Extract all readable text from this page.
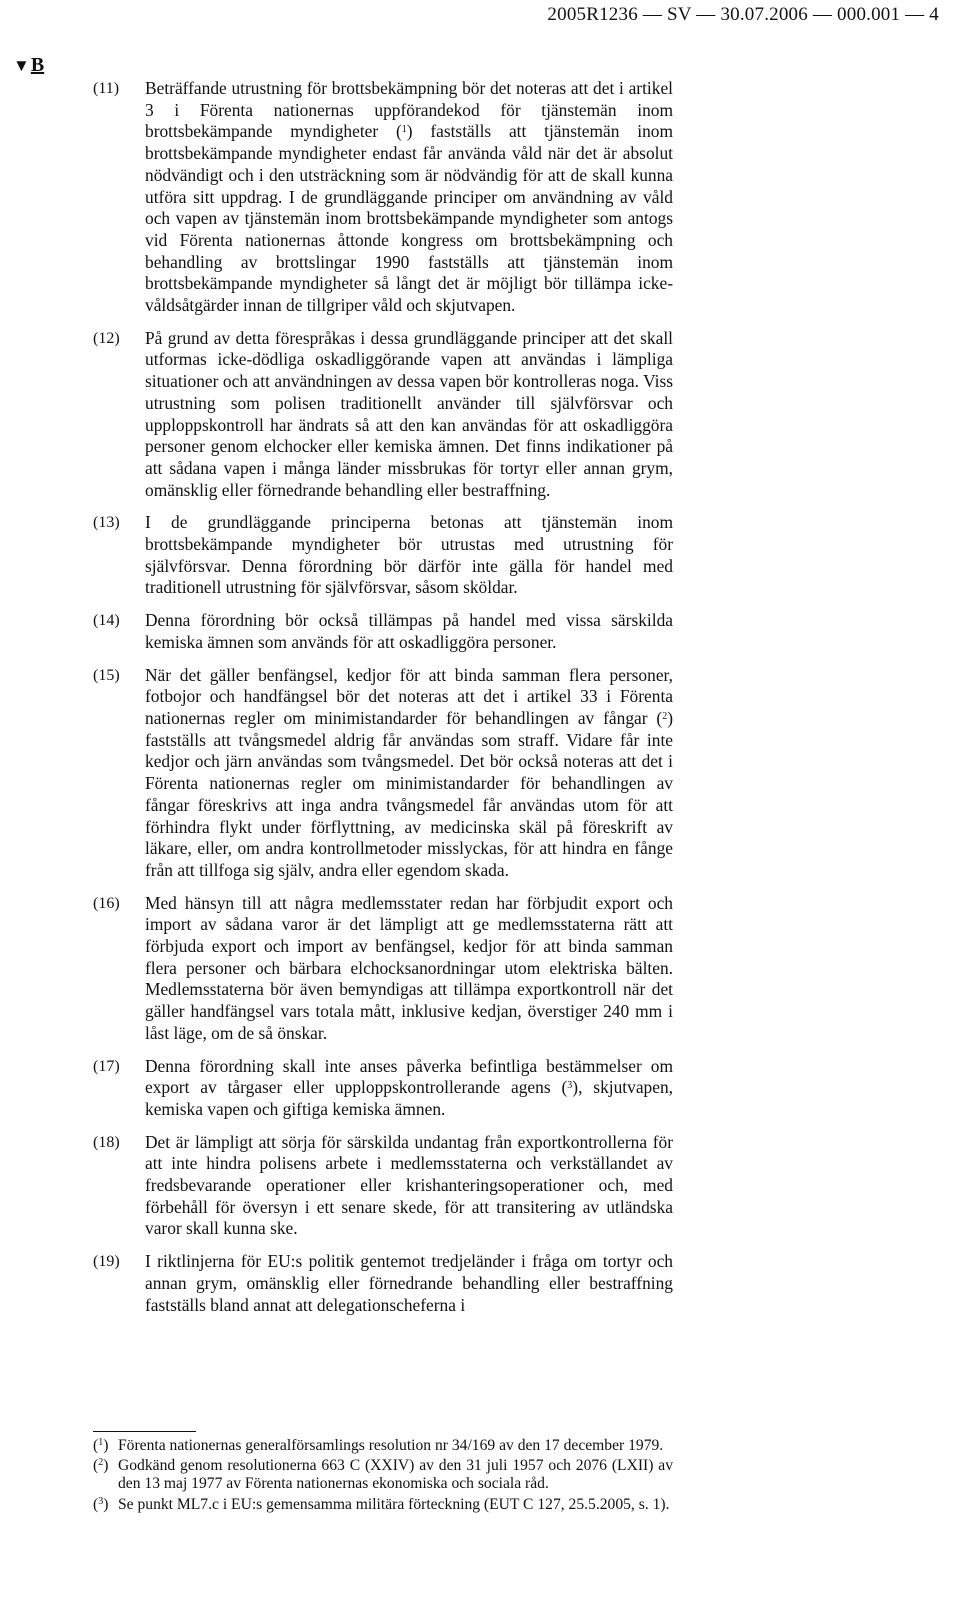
2005R1236 — SV — 30.07.2006 — 000.001 — 4
▼B
(11)	Beträffande utrustning för brottsbekämpning bör det noteras att det i artikel 3 i Förenta nationernas uppförandekod för tjänstemän inom brottsbekämpande myndigheter ($^1$) fastställs att tjänstemän inom brottsbekämpande myndigheter endast får använda våld när det är absolut nödvändigt och i den utsträckning som är nödvändig för att de skall kunna utföra sitt uppdrag. I de grundläggande principer om användning av våld och vapen av tjänstemän inom brottsbekämpande myndigheter som antogs vid Förenta nationernas åttonde kongress om brottsbekämpning och behandling av brottslingar 1990 fastställs att tjänstemän inom brottsbekämpande myndigheter så långt det är möjligt bör tillämpa icke-våldsåtgärder innan de tillgriper våld och skjutvapen.
(12)	På grund av detta förespråkas i dessa grundläggande principer att det skall utformas icke-dödliga oskadliggörande vapen att användas i lämpliga situationer och att användningen av dessa vapen bör kontrolleras noga. Viss utrustning som polisen traditionellt använder till självförsvar och upploppskontroll har ändrats så att den kan användas för att oskadliggöra personer genom elchocker eller kemiska ämnen. Det finns indikationer på att sådana vapen i många länder missbrukas för tortyr eller annan grym, omänsklig eller förnedrande behandling eller bestraffning.
(13)	I de grundläggande principerna betonas att tjänstemän inom brottsbekämpande myndigheter bör utrustas med utrustning för självförsvar. Denna förordning bör därför inte gälla för handel med traditionell utrustning för självförsvar, såsom sköldar.
(14)	Denna förordning bör också tillämpas på handel med vissa särskilda kemiska ämnen som används för att oskadliggöra personer.
(15)	När det gäller benfängsel, kedjor för att binda samman flera personer, fotbojor och handfängsel bör det noteras att det i artikel 33 i Förenta nationernas regler om minimistandarder för behandlingen av fångar ($^2$) fastställs att tvångsmedel aldrig får användas som straff. Vidare får inte kedjor och järn användas som tvångsmedel. Det bör också noteras att det i Förenta nationernas regler om minimistandarder för behandlingen av fångar föreskrivs att inga andra tvångsmedel får användas utom för att förhindra flykt under förflyttning, av medicinska skäl på föreskrift av läkare, eller, om andra kontrollmetoder misslyckas, för att hindra en fånge från att tillfoga sig själv, andra eller egendom skada.
(16)	Med hänsyn till att några medlemsstater redan har förbjudit export och import av sådana varor är det lämpligt att ge medlemsstaterna rätt att förbjuda export och import av benfängsel, kedjor för att binda samman flera personer och bärbara elchocksanordningar utom elektriska bälten. Medlemsstaterna bör även bemyndigas att tillämpa exportkontroll när det gäller handfängsel vars totala mått, inklusive kedjan, överstiger 240 mm i låst läge, om de så önskar.
(17)	Denna förordning skall inte anses påverka befintliga bestämmelser om export av tårgaser eller upploppskontrollerande agens ($^3$), skjutvapen, kemiska vapen och giftiga kemiska ämnen.
(18)	Det är lämpligt att sörja för särskilda undantag från exportkontrollerna för att inte hindra polisens arbete i medlemsstaterna och verkställandet av fredsbevarande operationer eller krishanteringsoperationer och, med förbehåll för översyn i ett senare skede, för att transitering av utländska varor skall kunna ske.
(19)	I riktlinjerna för EU:s politik gentemot tredjeländer i fråga om tortyr och annan grym, omänsklig eller förnedrande behandling eller bestraffning fastställs bland annat att delegationscheferna i
($^1$) Förenta nationernas generalförsamlings resolution nr 34/169 av den 17 december 1979.
($^2$) Godkänd genom resolutionerna 663 C (XXIV) av den 31 juli 1957 och 2076 (LXII) av den 13 maj 1977 av Förenta nationernas ekonomiska och sociala råd.
($^3$) Se punkt ML7.c i EU:s gemensamma militära förteckning (EUT C 127, 25.5.2005, s. 1).
